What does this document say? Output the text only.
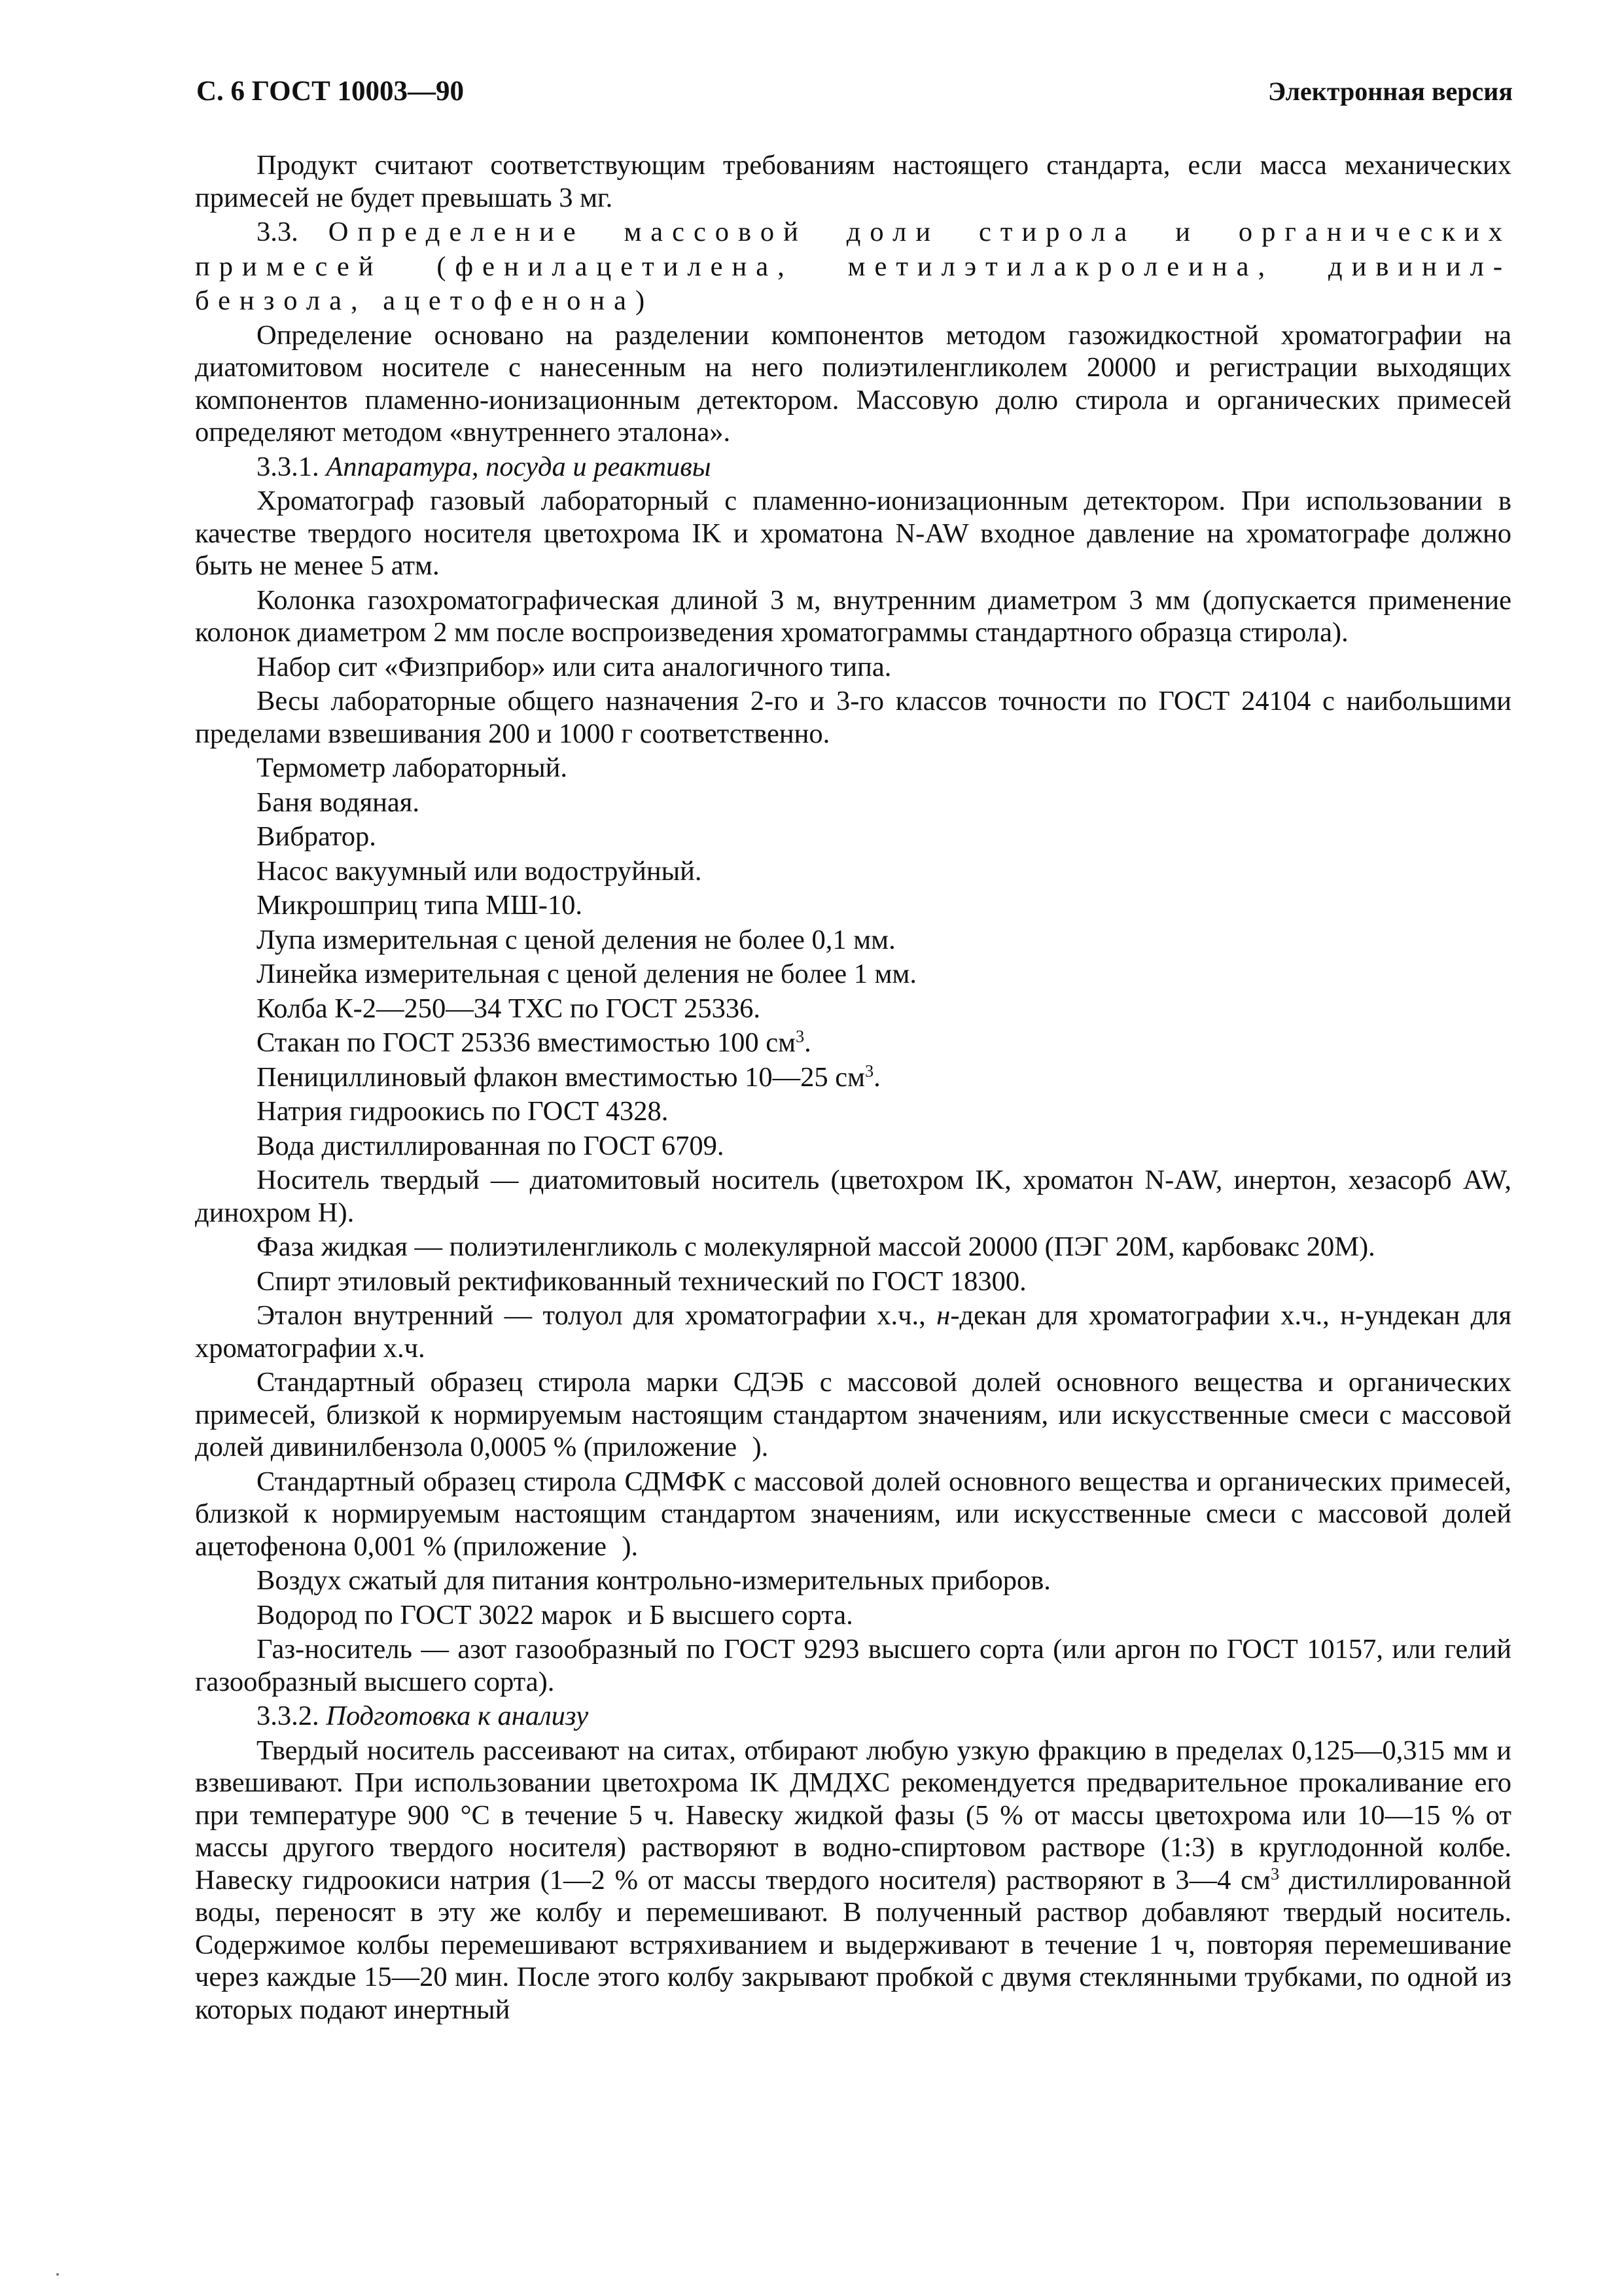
С. 6 ГОСТ 10003—90	Электронная версия

Продукт считают соответствующим требованиям настоящего стандарта, если масса механических примесей не будет превышать 3 мг.

3.3. Определение массовой доли стирола и органических

примесей (фенилацетилена, метилэтилакролеина, дивинил-

бензола, ацетофенона)

Определение основано на разделении компонентов методом газожидкостной хроматографии на диатомитовом носителе с нанесенным на него полиэтиленгликолем 20000 и регистрации выходящих компонентов пламенно-ионизационным детектором. Массовую долю стирола и органических примесей определяют методом «внутреннего эталона».

3.3.1. Аппаратура, посуда и реактивы

Хроматограф газовый лабораторный с пламенно-ионизационным детектором. При использовании в качестве твердого носителя цветохрома IK и хроматона N-AW входное давление на хроматографе должно быть не менее 5 атм.

Колонка газохроматографическая длиной 3 м, внутренним диаметром 3 мм (допускается применение колонок диаметром 2 мм после воспроизведения хроматограммы стандартного образца стирола).

Набор сит «Физприбор» или сита аналогичного типа.

Весы лабораторные общего назначения 2-го и 3-го классов точности по ГОСТ 24104 с наибольшими пределами взвешивания 200 и 1000 г соответственно.

Термометр лабораторный.

Баня водяная.

Вибратор.

Насос вакуумный или водоструйный.

Микрошприц типа МШ-10.

Лупа измерительная с ценой деления не более 0,1 мм.

Линейка измерительная с ценой деления не более 1 мм.

Колба К-2—250—34 ТХС по ГОСТ 25336.

Стакан по ГОСТ 25336 вместимостью 100 $см^3$.

Пенициллиновый флакон вместимостью 10—25 $см^3$.

Натрия гидроокись по ГОСТ 4328.

Вода дистиллированная по ГОСТ 6709.

Носитель твердый — диатомитовый носитель (цветохром IK, хроматон N-AW, инертон, хезасорб AW, динохром H).

Фаза жидкая — полиэтиленгликоль с молекулярной массой 20000 (ПЭГ 20М, карбовакс 20М).

Спирт этиловый ректификованный технический по ГОСТ 18300.

Эталон внутренний — толуол для хроматографии х.ч., н-декан для хроматографии х.ч., н-ундекан для хроматографии х.ч.

Стандартный образец стирола марки СДЭБ с массовой долей основного вещества и органических примесей, близкой к нормируемым настоящим стандартом значениям, или искусственные смеси с массовой долей дивинилбензола 0,0005 % (приложение ).

Стандартный образец стирола СДМФК с массовой долей основного вещества и органических примесей, близкой к нормируемым настоящим стандартом значениям, или искусственные смеси с массовой долей ацетофенона 0,001 % (приложение ).

Воздух сжатый для питания контрольно-измерительных приборов.

Водород по ГОСТ 3022 марок и Б высшего сорта.

Газ-носитель — азот газообразный по ГОСТ 9293 высшего сорта (или аргон по ГОСТ 10157, или гелий газообразный высшего сорта).

3.3.2. Подготовка к анализу

Твердый носитель рассеивают на ситах, отбирают любую узкую фракцию в пределах 0,125—0,315 мм и взвешивают. При использовании цветохрома IK ДМДХС рекомендуется предварительное прокаливание его при температуре 900 °С в течение 5 ч. Навеску жидкой фазы (5 % от массы цветохрома или 10—15 % от массы другого твердого носителя) растворяют в водно-спиртовом растворе (1:3) в круглодонной колбе. Навеску гидроокиси натрия (1—2 % от массы твердого носителя) растворяют в 3—4 $см^3$ дистиллированной воды, переносят в эту же колбу и перемешивают. В полученный раствор добавляют твердый носитель. Содержимое колбы перемешивают встряхиванием и выдерживают в течение 1 ч, повторяя перемешивание через каждые 15—20 мин. После этого колбу закрывают пробкой с двумя стеклянными трубками, по одной из которых подают инертный
